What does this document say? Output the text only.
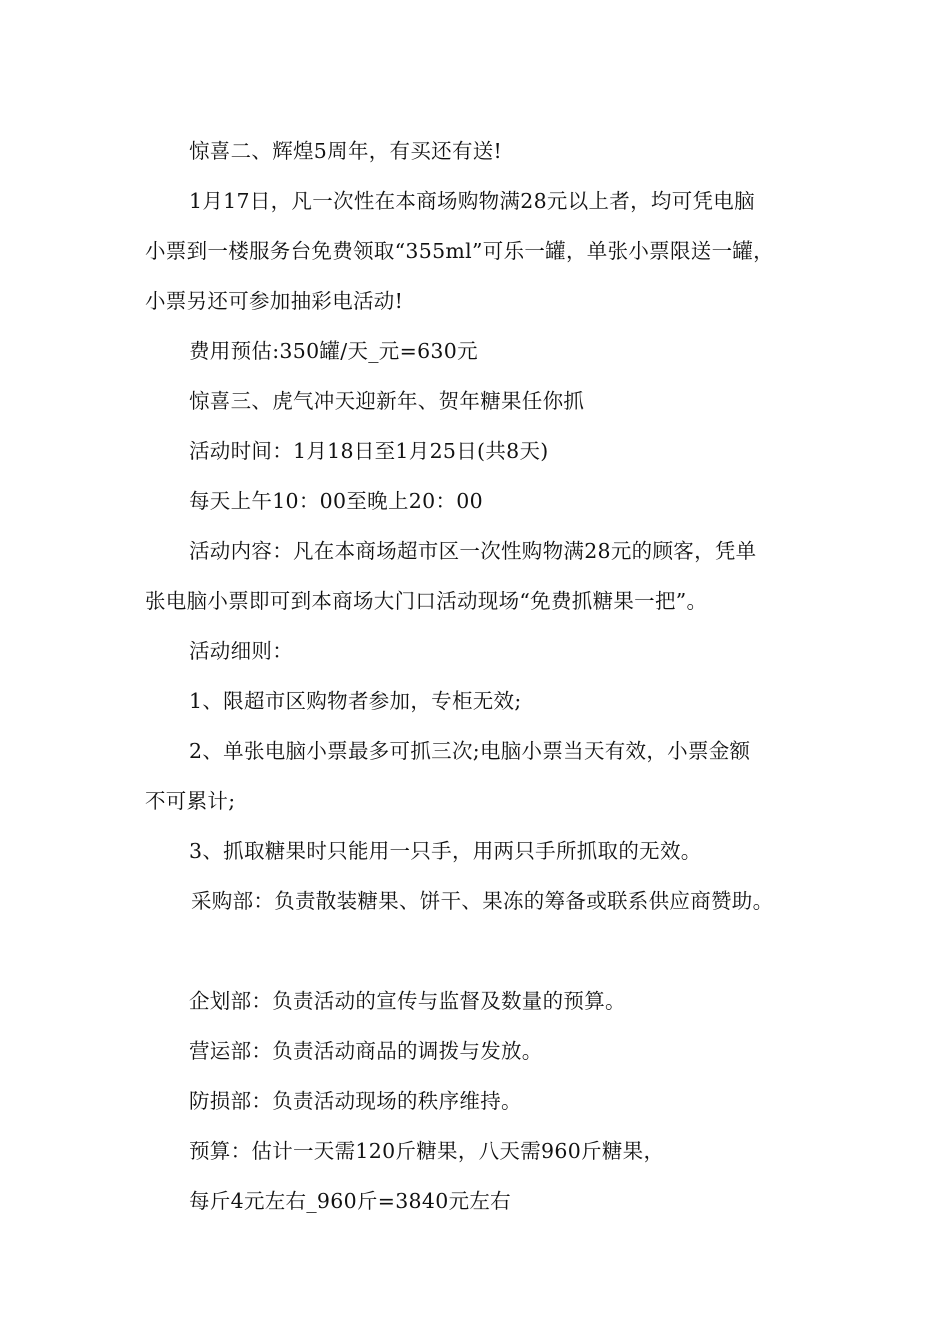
惊喜二、辉煌5周年，有买还有送!
1月17日，凡一次性在本商场购物满28元以上者，均可凭电脑
小票到一楼服务台免费领取“355ml”可乐一罐，单张小票限送一罐，
小票另还可参加抽彩电活动!
费用预估:350罐/天_元=630元
惊喜三、虎气冲天迎新年、贺年糖果任你抓
活动时间：1月18日至1月25日(共8天)
每天上午10：00至晚上20：00
活动内容：凡在本商场超市区一次性购物满28元的顾客，凭单
张电脑小票即可到本商场大门口活动现场“免费抓糖果一把”。
活动细则：
1、限超市区购物者参加，专柜无效;
2、单张电脑小票最多可抓三次;电脑小票当天有效，小票金额
不可累计;
3、抓取糖果时只能用一只手，用两只手所抓取的无效。
采购部：负责散装糖果、饼干、果冻的筹备或联系供应商赞助。
企划部：负责活动的宣传与监督及数量的预算。
营运部：负责活动商品的调拨与发放。
防损部：负责活动现场的秩序维持。
预算：估计一天需120斤糖果，八天需960斤糖果，
每斤4元左右_960斤=3840元左右
